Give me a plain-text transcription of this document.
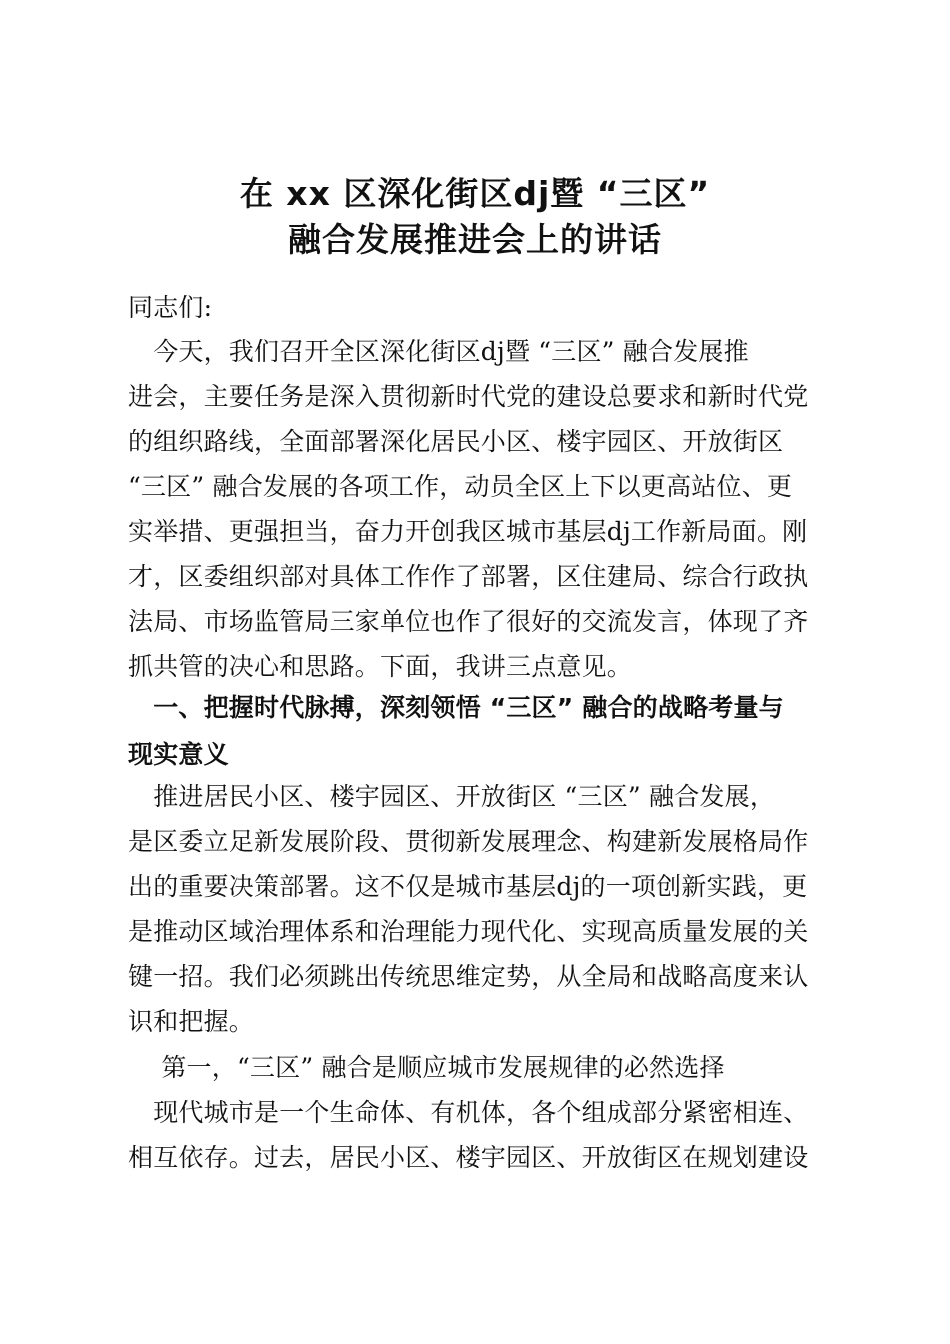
在 xx 区深化街区dj暨 “三区”
融合发展推进会上的讲话
同志们:
　今天，我们召开全区深化街区dj暨 “三区” 融合发展推
进会，主要任务是深入贯彻新时代党的建设总要求和新时代党
的组织路线，全面部署深化居民小区、楼宇园区、开放街区
“三区” 融合发展的各项工作，动员全区上下以更高站位、更
实举措、更强担当，奋力开创我区城市基层dj工作新局面。刚
才，区委组织部对具体工作作了部署，区住建局、综合行政执
法局、市场监管局三家单位也作了很好的交流发言，体现了齐
抓共管的决心和思路。下面，我讲三点意见。
　一、把握时代脉搏，深刻领悟 “三区” 融合的战略考量与
现实意义
　推进居民小区、楼宇园区、开放街区 “三区” 融合发展，
是区委立足新发展阶段、贯彻新发展理念、构建新发展格局作
出的重要决策部署。这不仅是城市基层dj的一项创新实践，更
是推动区域治理体系和治理能力现代化、实现高质量发展的关
键一招。我们必须跳出传统思维定势，从全局和战略高度来认
识和把握。
　 第一，“三区” 融合是顺应城市发展规律的必然选择
　现代城市是一个生命体、有机体，各个组成部分紧密相连、
相互依存。过去，居民小区、楼宇园区、开放街区在规划建设
